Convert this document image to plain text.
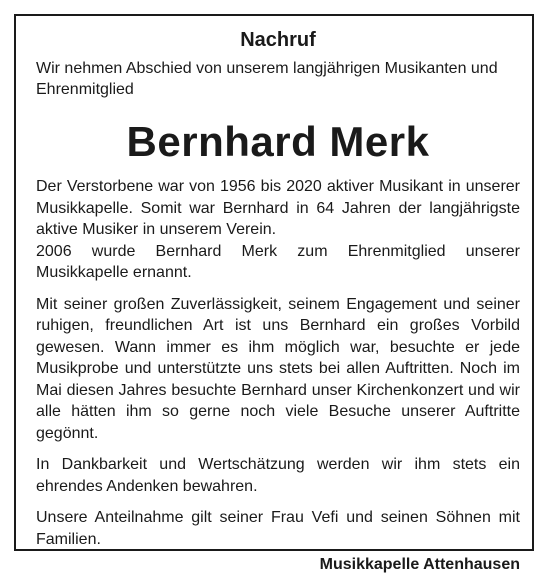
Nachruf

Wir nehmen Abschied von unserem langjährigen Musikanten und Ehrenmitglied

Bernhard Merk

Der Verstorbene war von 1956 bis 2020 aktiver Musikant in unserer Musikkapelle. Somit war Bernhard in 64 Jahren der langjährigste aktive Musiker in unserem Verein.
2006 wurde Bernhard Merk zum Ehrenmitglied unserer Musikkapelle ernannt.

Mit seiner großen Zuverlässigkeit, seinem Engagement und seiner ruhigen, freundlichen Art ist uns Bernhard ein großes Vorbild gewesen. Wann immer es ihm möglich war, besuchte er jede Musikprobe und unterstützte uns stets bei allen Auftritten. Noch im Mai diesen Jahres besuchte Bernhard unser Kirchenkonzert und wir alle hätten ihm so gerne noch viele Besuche unserer Auftritte gegönnt.

In Dankbarkeit und Wertschätzung werden wir ihm stets ein ehrendes Andenken bewahren.

Unsere Anteilnahme gilt seiner Frau Vefi und seinen Söhnen mit Familien.

Musikkapelle Attenhausen
